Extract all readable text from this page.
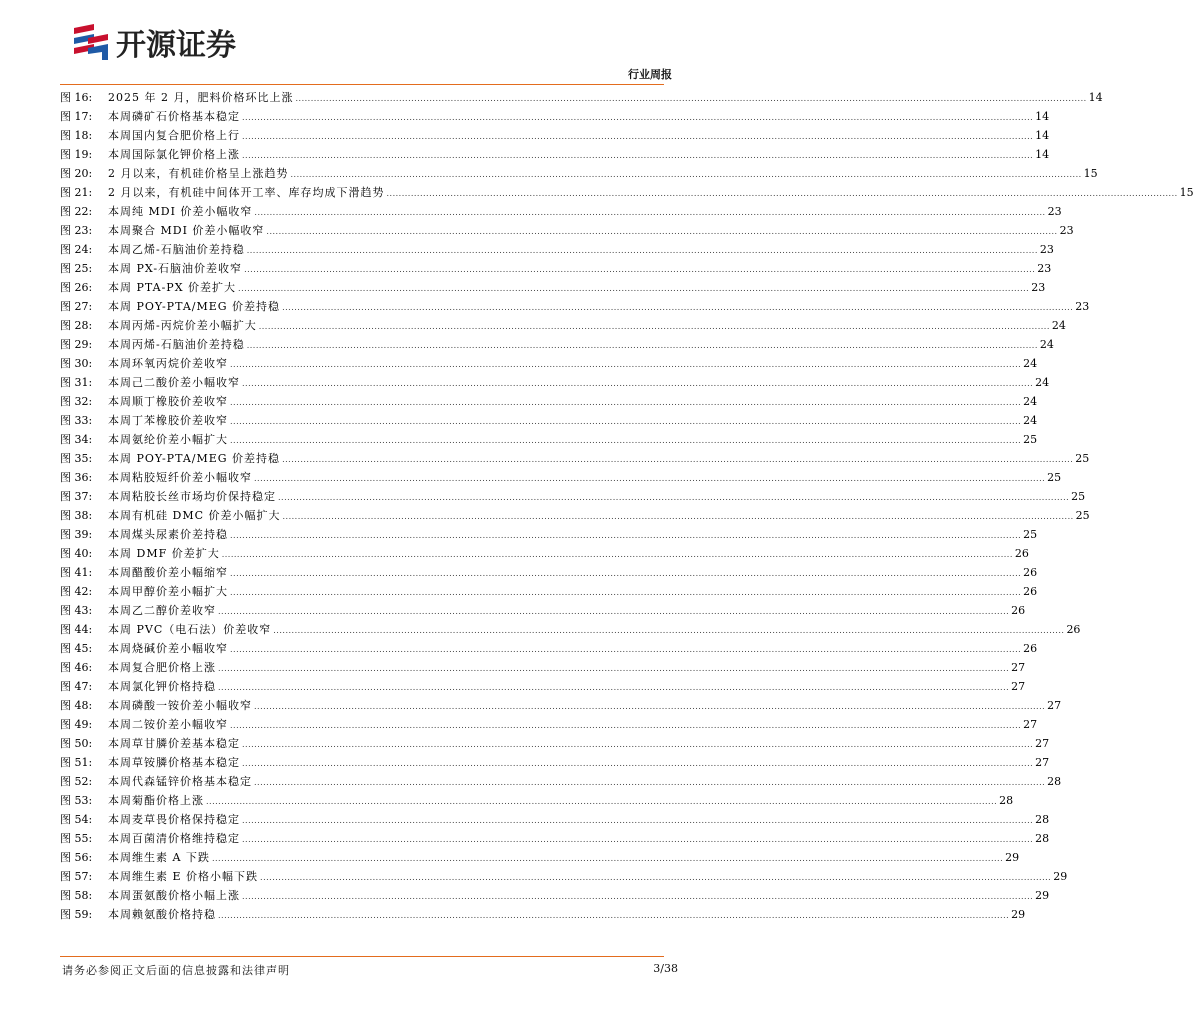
开源证券
行业周报
图 16:	2025 年 2 月，肥料价格环比上涨 .................................................................................................................................................................................................................................................................... 14
图 17:	本周磷矿石价格基本稳定 .................................................................................................................................................................................................................................................................... 14
图 18:	本周国内复合肥价格上行 .................................................................................................................................................................................................................................................................... 14
图 19:	本周国际氯化钾价格上涨 .................................................................................................................................................................................................................................................................... 14
图 20:	2 月以来，有机硅价格呈上涨趋势 .................................................................................................................................................................................................................................................................... 15
图 21:	2 月以来，有机硅中间体开工率、库存均成下滑趋势 .................................................................................................................................................................................................................................................................... 15
图 22:	本周纯 MDI 价差小幅收窄 .................................................................................................................................................................................................................................................................... 23
图 23:	本周聚合 MDI 价差小幅收窄 .................................................................................................................................................................................................................................................................... 23
图 24:	本周乙烯-石脑油价差持稳 .................................................................................................................................................................................................................................................................... 23
图 25:	本周 PX-石脑油价差收窄 .................................................................................................................................................................................................................................................................... 23
图 26:	本周 PTA-PX 价差扩大 .................................................................................................................................................................................................................................................................... 23
图 27:	本周 POY-PTA/MEG 价差持稳 .................................................................................................................................................................................................................................................................... 23
图 28:	本周丙烯-丙烷价差小幅扩大 .................................................................................................................................................................................................................................................................... 24
图 29:	本周丙烯-石脑油价差持稳 .................................................................................................................................................................................................................................................................... 24
图 30:	本周环氧丙烷价差收窄 .................................................................................................................................................................................................................................................................... 24
图 31:	本周己二酸价差小幅收窄 .................................................................................................................................................................................................................................................................... 24
图 32:	本周顺丁橡胶价差收窄 .................................................................................................................................................................................................................................................................... 24
图 33:	本周丁苯橡胶价差收窄 .................................................................................................................................................................................................................................................................... 24
图 34:	本周氨纶价差小幅扩大 .................................................................................................................................................................................................................................................................... 25
图 35:	本周 POY-PTA/MEG 价差持稳 .................................................................................................................................................................................................................................................................... 25
图 36:	本周粘胶短纤价差小幅收窄 .................................................................................................................................................................................................................................................................... 25
图 37:	本周粘胶长丝市场均价保持稳定 .................................................................................................................................................................................................................................................................... 25
图 38:	本周有机硅 DMC 价差小幅扩大 .................................................................................................................................................................................................................................................................... 25
图 39:	本周煤头尿素价差持稳 .................................................................................................................................................................................................................................................................... 25
图 40:	本周 DMF 价差扩大 .................................................................................................................................................................................................................................................................... 26
图 41:	本周醋酸价差小幅缩窄 .................................................................................................................................................................................................................................................................... 26
图 42:	本周甲醇价差小幅扩大 .................................................................................................................................................................................................................................................................... 26
图 43:	本周乙二醇价差收窄 .................................................................................................................................................................................................................................................................... 26
图 44:	本周 PVC（电石法）价差收窄 .................................................................................................................................................................................................................................................................... 26
图 45:	本周烧碱价差小幅收窄 .................................................................................................................................................................................................................................................................... 26
图 46:	本周复合肥价格上涨 .................................................................................................................................................................................................................................................................... 27
图 47:	本周氯化钾价格持稳 .................................................................................................................................................................................................................................................................... 27
图 48:	本周磷酸一铵价差小幅收窄 .................................................................................................................................................................................................................................................................... 27
图 49:	本周二铵价差小幅收窄 .................................................................................................................................................................................................................................................................... 27
图 50:	本周草甘膦价差基本稳定 .................................................................................................................................................................................................................................................................... 27
图 51:	本周草铵膦价格基本稳定 .................................................................................................................................................................................................................................................................... 27
图 52:	本周代森锰锌价格基本稳定 .................................................................................................................................................................................................................................................................... 28
图 53:	本周菊酯价格上涨 .................................................................................................................................................................................................................................................................... 28
图 54:	本周麦草畏价格保持稳定 .................................................................................................................................................................................................................................................................... 28
图 55:	本周百菌清价格维持稳定 .................................................................................................................................................................................................................................................................... 28
图 56:	本周维生素 A 下跌 .................................................................................................................................................................................................................................................................... 29
图 57:	本周维生素 E 价格小幅下跌 .................................................................................................................................................................................................................................................................... 29
图 58:	本周蛋氨酸价格小幅上涨 .................................................................................................................................................................................................................................................................... 29
图 59:	本周赖氨酸价格持稳 .................................................................................................................................................................................................................................................................... 29
请务必参阅正文后面的信息披露和法律声明	3/38
